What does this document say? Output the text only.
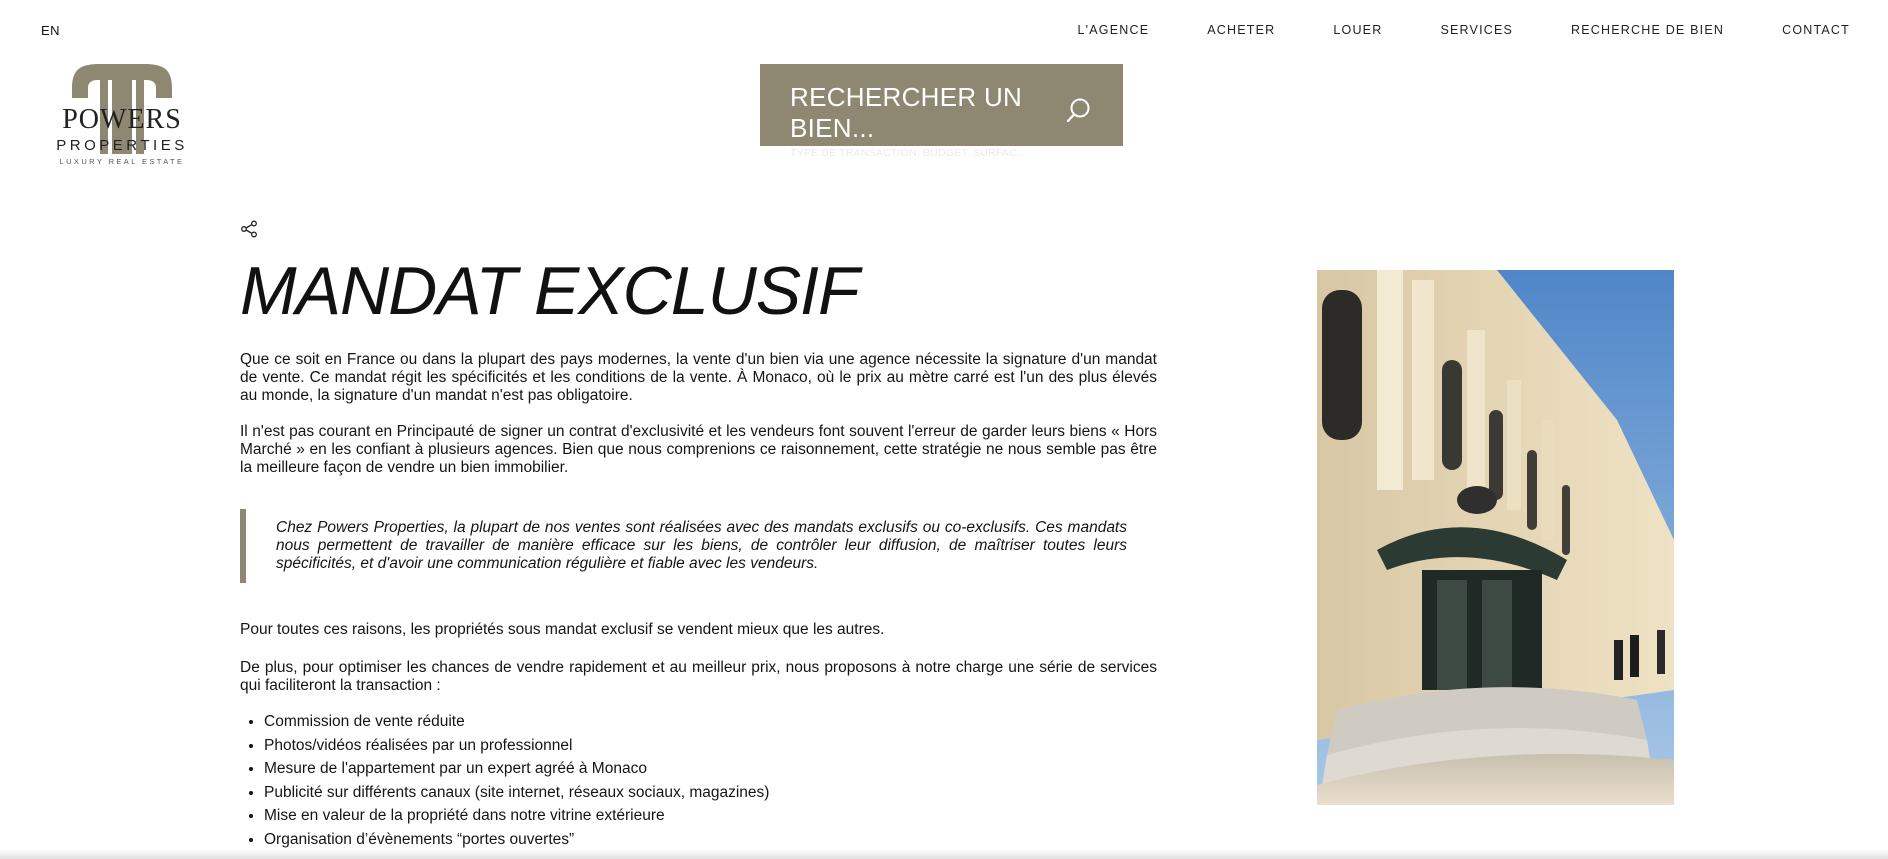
EN	L'AGENCE	ACHETER	LOUER	SERVICES	RECHERCHE DE BIEN	CONTACT
POWERS
PROPERTIES
LUXURY REAL ESTATE
RECHERCHER UN BIEN...
TYPE DE TRANSACTION, BUDGET, SURFAC...
MANDAT EXCLUSIF

Que ce soit en France ou dans la plupart des pays modernes, la vente d'un bien via une agence nécessite la signature d'un mandat de vente. Ce mandat régit les spécificités et les conditions de la vente. À Monaco, où le prix au mètre carré est l'un des plus élevés au monde, la signature d'un mandat n'est pas obligatoire.

Il n'est pas courant en Principauté de signer un contrat d'exclusivité et les vendeurs font souvent l'erreur de garder leurs biens « Hors Marché » en les confiant à plusieurs agences. Bien que nous comprenions ce raisonnement, cette stratégie ne nous semble pas être la meilleure façon de vendre un bien immobilier.

Chez Powers Properties, la plupart de nos ventes sont réalisées avec des mandats exclusifs ou co-exclusifs. Ces mandats nous permettent de travailler de manière efficace sur les biens, de contrôler leur diffusion, de maîtriser toutes leurs spécificités, et d'avoir une communication régulière et fiable avec les vendeurs.

Pour toutes ces raisons, les propriétés sous mandat exclusif se vendent mieux que les autres.

De plus, pour optimiser les chances de vendre rapidement et au meilleur prix, nous proposons à notre charge une série de services qui faciliteront la transaction :

• Commission de vente réduite
• Photos/vidéos réalisées par un professionnel
• Mesure de l'appartement par un expert agréé à Monaco
• Publicité sur différents canaux (site internet, réseaux sociaux, magazines)
• Mise en valeur de la propriété dans notre vitrine extérieure
• Organisation d’évènements “portes ouvertes”
